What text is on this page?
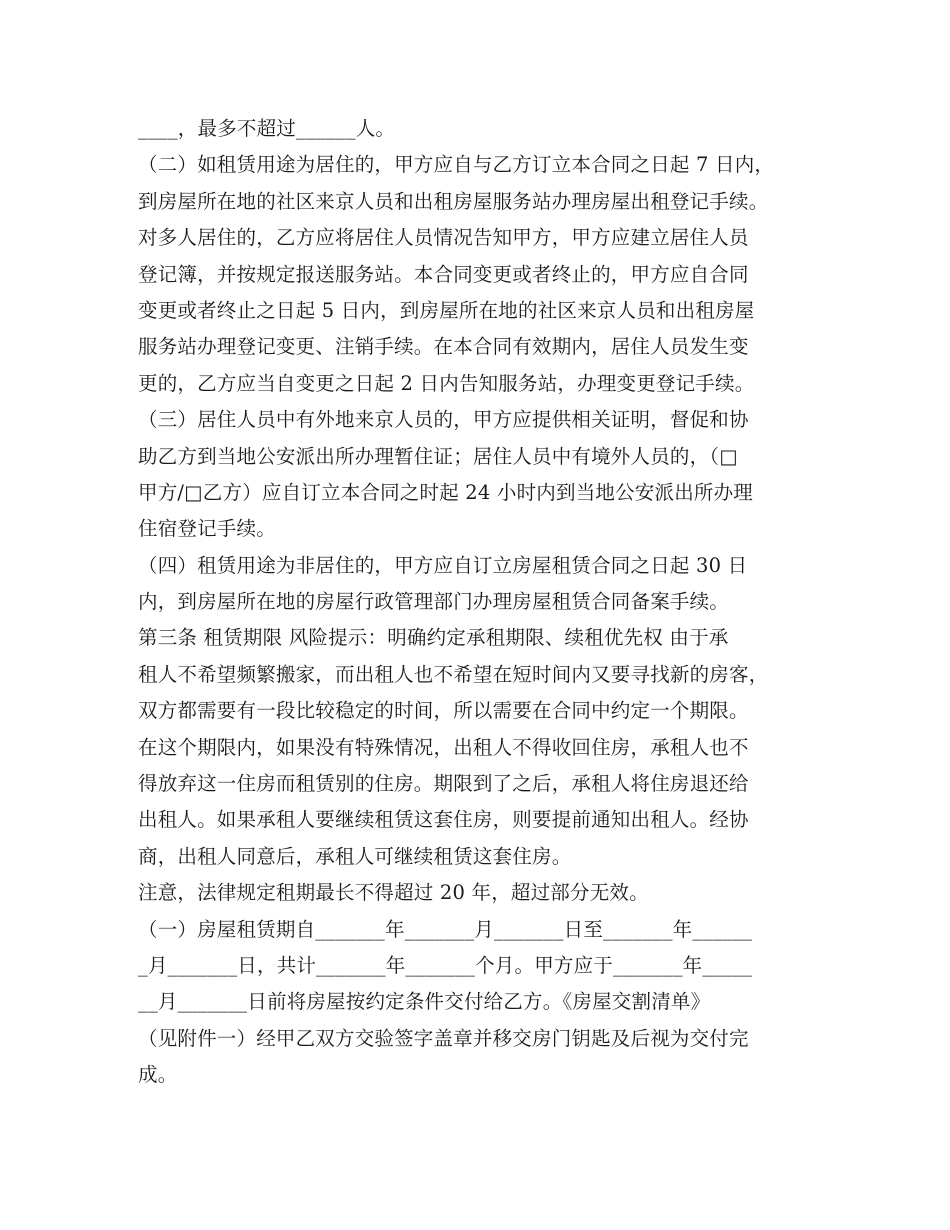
____，最多不超过______人。
（二）如租赁用途为居住的，甲方应自与乙方订立本合同之日起 7 日内，
到房屋所在地的社区来京人员和出租房屋服务站办理房屋出租登记手续。
对多人居住的，乙方应将居住人员情况告知甲方，甲方应建立居住人员
登记簿，并按规定报送服务站。本合同变更或者终止的，甲方应自合同
变更或者终止之日起 5 日内，到房屋所在地的社区来京人员和出租房屋
服务站办理登记变更、注销手续。在本合同有效期内，居住人员发生变
更的，乙方应当自变更之日起 2 日内告知服务站，办理变更登记手续。
（三）居住人员中有外地来京人员的，甲方应提供相关证明，督促和协
助乙方到当地公安派出所办理暂住证；居住人员中有境外人员的，（□
甲方/□乙方）应自订立本合同之时起 24 小时内到当地公安派出所办理
住宿登记手续。
（四）租赁用途为非居住的，甲方应自订立房屋租赁合同之日起 30 日
内，到房屋所在地的房屋行政管理部门办理房屋租赁合同备案手续。
第三条 租赁期限 风险提示：明确约定承租期限、续租优先权 由于承
租人不希望频繁搬家，而出租人也不希望在短时间内又要寻找新的房客，
双方都需要有一段比较稳定的时间，所以需要在合同中约定一个期限。
在这个期限内，如果没有特殊情况，出租人不得收回住房，承租人也不
得放弃这一住房而租赁别的住房。期限到了之后，承租人将住房退还给
出租人。如果承租人要继续租赁这套住房，则要提前通知出租人。经协
商，出租人同意后，承租人可继续租赁这套住房。
注意，法律规定租期最长不得超过 20 年，超过部分无效。
（一）房屋租赁期自_______年_______月_______日至_______年______
_月_______日，共计_______年_______个月。甲方应于_______年_____
__月_______日前将房屋按约定条件交付给乙方。《房屋交割清单》
（见附件一）经甲乙双方交验签字盖章并移交房门钥匙及后视为交付完
成。
